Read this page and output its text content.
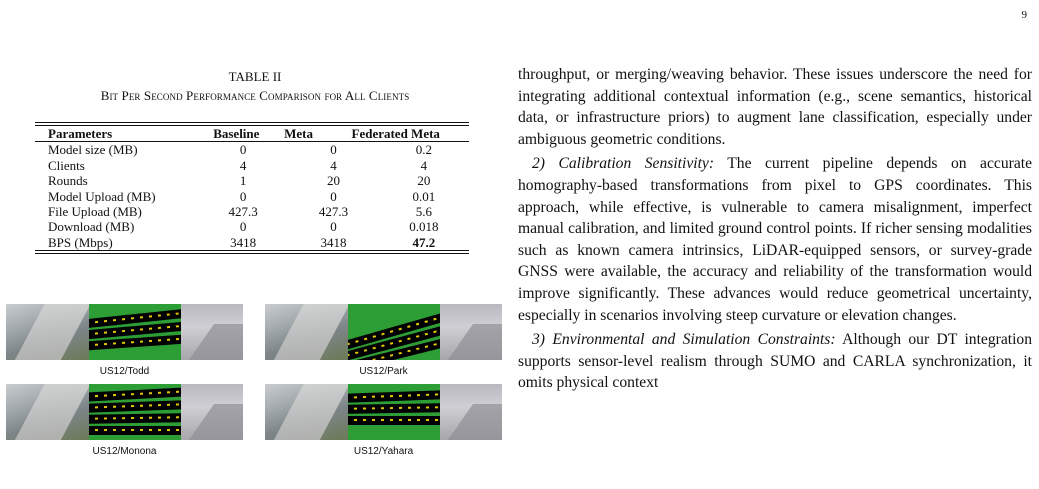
9
TABLE II
Bit Per Second Performance Comparison for All Clients
Parameters	Baseline	Meta	Federated Meta
Model size (MB)	0	0	0.2
Clients	4	4	4
Rounds	1	20	20
Model Upload (MB)	0	0	0.01
File Upload (MB)	427.3	427.3	5.6
Download (MB)	0	0	0.018
BPS (Mbps)	3418	3418	47.2
US12/Todd	US12/Park
US12/Monona	US12/Yahara

throughput, or merging/weaving behavior. These issues underscore the need for integrating additional contextual information (e.g., scene semantics, historical data, or infrastructure priors) to augment lane classification, especially under ambiguous geometric conditions.

2) Calibration Sensitivity: The current pipeline depends on accurate homography-based transformations from pixel to GPS coordinates. This approach, while effective, is vulnerable to camera misalignment, imperfect manual calibration, and limited ground control points. If richer sensing modalities such as known camera intrinsics, LiDAR-equipped sensors, or survey-grade GNSS were available, the accuracy and reliability of the transformation would improve significantly. These advances would reduce geometrical uncertainty, especially in scenarios involving steep curvature or elevation changes.

3) Environmental and Simulation Constraints: Although our DT integration supports sensor-level realism through SUMO and CARLA synchronization, it omits physical context
